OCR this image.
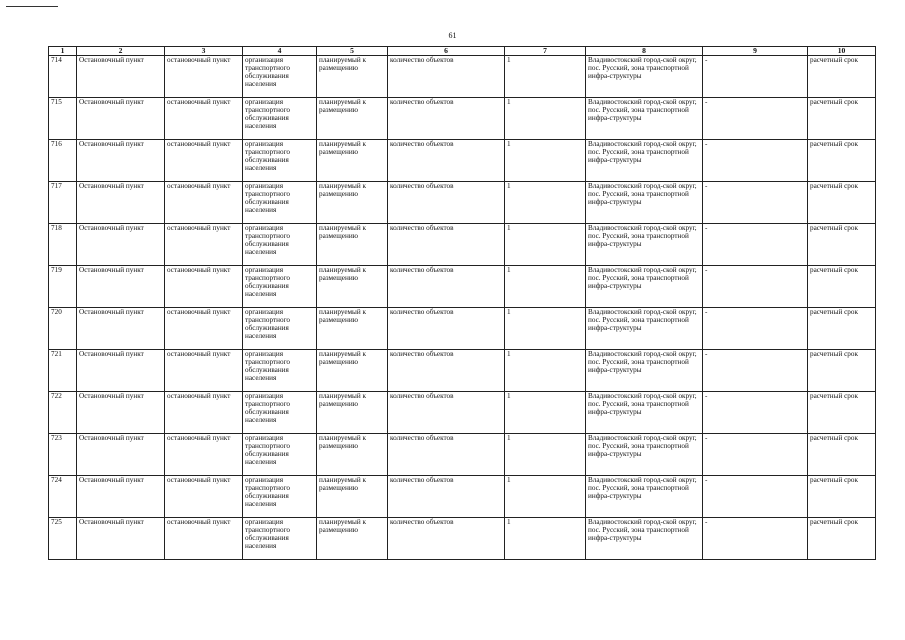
61
1	2	3	4	5	6	7	8	9	10
714	Остановочный пункт	остановочный пункт	организация транспортного обслуживания населения	планируемый к размещению	количество объектов	1	Владивостокский город-ской округ, пос. Русский, зона транспортной инфра-структуры	-	расчетный срок
715	Остановочный пункт	остановочный пункт	организация транспортного обслуживания населения	планируемый к размещению	количество объектов	1	Владивостокский город-ской округ, пос. Русский, зона транспортной инфра-структуры	-	расчетный срок
716	Остановочный пункт	остановочный пункт	организация транспортного обслуживания населения	планируемый к размещению	количество объектов	1	Владивостокский город-ской округ, пос. Русский, зона транспортной инфра-структуры	-	расчетный срок
717	Остановочный пункт	остановочный пункт	организация транспортного обслуживания населения	планируемый к размещению	количество объектов	1	Владивостокский город-ской округ, пос. Русский, зона транспортной инфра-структуры	-	расчетный срок
718	Остановочный пункт	остановочный пункт	организация транспортного обслуживания населения	планируемый к размещению	количество объектов	1	Владивостокский город-ской округ, пос. Русский, зона транспортной инфра-структуры	-	расчетный срок
719	Остановочный пункт	остановочный пункт	организация транспортного обслуживания населения	планируемый к размещению	количество объектов	1	Владивостокский город-ской округ, пос. Русский, зона транспортной инфра-структуры	-	расчетный срок
720	Остановочный пункт	остановочный пункт	организация транспортного обслуживания населения	планируемый к размещению	количество объектов	1	Владивостокский город-ской округ, пос. Русский, зона транспортной инфра-структуры	-	расчетный срок
721	Остановочный пункт	остановочный пункт	организация транспортного обслуживания населения	планируемый к размещению	количество объектов	1	Владивостокский город-ской округ, пос. Русский, зона транспортной инфра-структуры	-	расчетный срок
722	Остановочный пункт	остановочный пункт	организация транспортного обслуживания населения	планируемый к размещению	количество объектов	1	Владивостокский город-ской округ, пос. Русский, зона транспортной инфра-структуры	-	расчетный срок
723	Остановочный пункт	остановочный пункт	организация транспортного обслуживания населения	планируемый к размещению	количество объектов	1	Владивостокский город-ской округ, пос. Русский, зона транспортной инфра-структуры	-	расчетный срок
724	Остановочный пункт	остановочный пункт	организация транспортного обслуживания населения	планируемый к размещению	количество объектов	1	Владивостокский город-ской округ, пос. Русский, зона транспортной инфра-структуры	-	расчетный срок
725	Остановочный пункт	остановочный пункт	организация транспортного обслуживания населения	планируемый к размещению	количество объектов	1	Владивостокский город-ской округ, пос. Русский, зона транспортной инфра-структуры	-	расчетный срок
